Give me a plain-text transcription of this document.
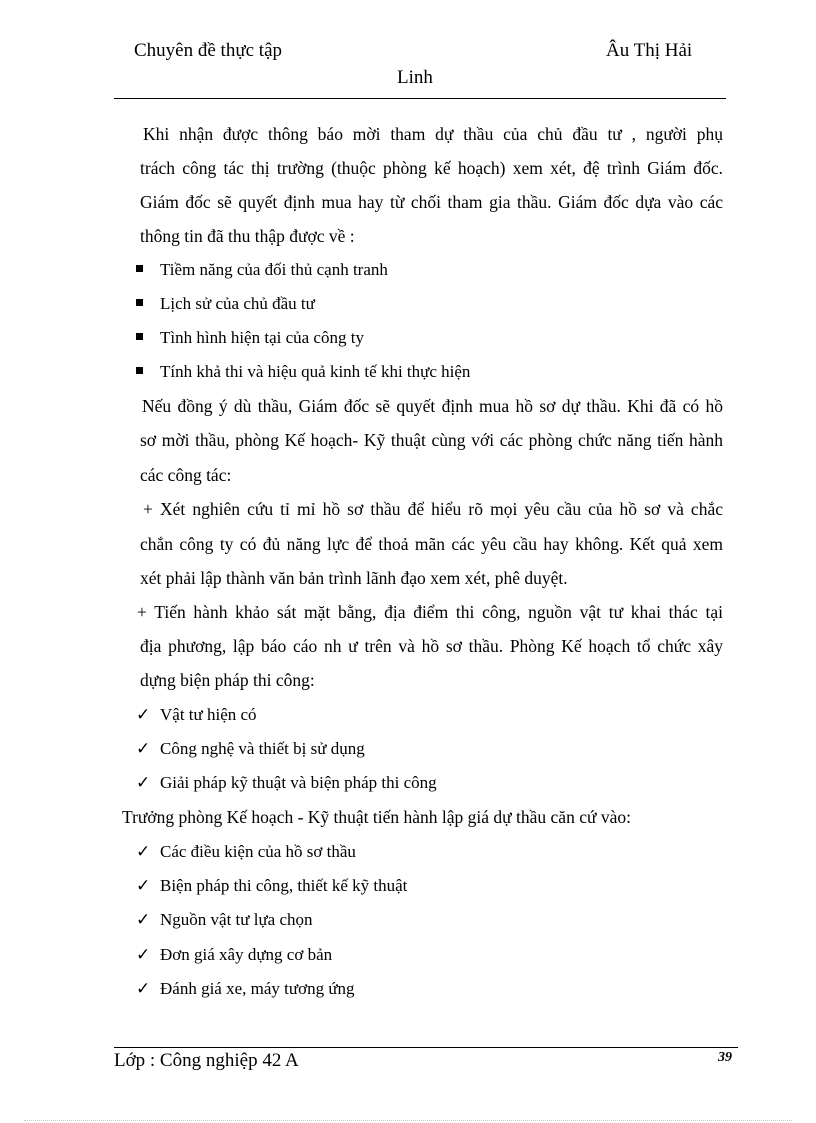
Chuyên đề thực tập	Âu Thị Hải
Linh
Khi nhận được thông báo mời tham dự thầu của chủ đầu tư , người phụ
trách công tác thị trường (thuộc phòng kế hoạch) xem xét, đệ trình Giám đốc.
Giám đốc sẽ quyết định mua hay từ chối tham gia thầu. Giám đốc dựa vào các
thông tin đã thu thập được về :
Tiềm năng của đối thủ cạnh tranh
Lịch sử của chủ đầu tư
Tình hình hiện tại của công ty
Tính khả thi và hiệu quả kinh tế khi thực hiện
Nếu đồng ý dù thầu, Giám đốc sẽ quyết định mua hồ sơ dự thầu. Khi đã có hồ
sơ mời thầu, phòng Kế hoạch- Kỹ thuật cùng với các phòng chức năng tiến hành
các công tác:
+ Xét nghiên cứu tỉ mỉ hồ sơ thầu để hiểu rõ mọi yêu cầu của hồ sơ và chắc
chắn công ty có đủ năng lực để thoả mãn các yêu cầu hay không. Kết quả xem
xét phải lập thành văn bản trình lãnh đạo xem xét, phê duyệt.
+ Tiến hành khảo sát mặt bằng, địa điểm thi công, nguồn vật tư khai thác tại
địa phương, lập báo cáo nh ư trên và hồ sơ thầu. Phòng Kế hoạch tổ chức xây
dựng biện pháp thi công:
✓ Vật tư hiện có
✓ Công nghệ và thiết bị sử dụng
✓ Giải pháp kỹ thuật và biện pháp thi công
Trưởng phòng Kế hoạch - Kỹ thuật tiến hành lập giá dự thầu căn cứ vào:
✓ Các điều kiện của hồ sơ thầu
✓ Biện pháp thi công, thiết kế kỹ thuật
✓ Nguồn vật tư lựa chọn
✓ Đơn giá xây dựng cơ bản
✓ Đánh giá xe, máy tương ứng
Lớp : Công nghiệp 42 A	39
